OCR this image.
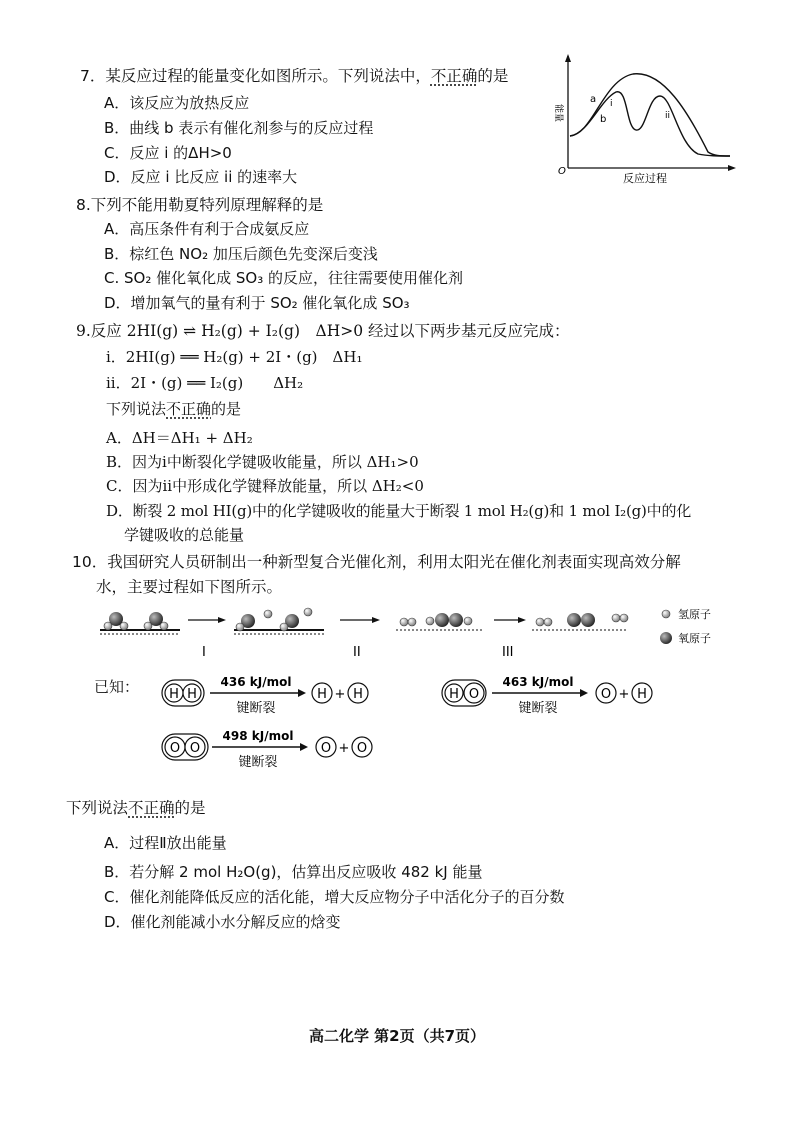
7．某反应过程的能量变化如图所示。下列说法中，不正确的是
A．该反应为放热反应
B．曲线 b 表示有催化剂参与的反应过程
C．反应 i 的ΔH>0
D．反应 i 比反应 ii 的速率大
能量
O
a
b
i
ii
反应过程
8.下列不能用勒夏特列原理解释的是
A．高压条件有利于合成氨反应
B．棕红色 NO₂ 加压后颜色先变深后变浅
C. SO₂ 催化氧化成 SO₃ 的反应，往往需要使用催化剂
D．增加氧气的量有利于 SO₂ 催化氧化成 SO₃
9.反应 2HI(g) ⇌ H₂(g) + I₂(g)　ΔH>0 经过以下两步基元反应完成：
i．2HI(g) ══ H₂(g) + 2I・(g)　ΔH₁
ii．2I・(g) ══ I₂(g)　　ΔH₂
下列说法不正确的是
A．ΔH＝ΔH₁ + ΔH₂
B．因为i中断裂化学键吸收能量，所以 ΔH₁>0
C．因为ii中形成化学键释放能量，所以 ΔH₂<0
D．断裂 2 mol HI(g)中的化学键吸收的能量大于断裂 1 mol H₂(g)和 1 mol I₂(g)中的化
学键吸收的总能量
10．我国研究人员研制出一种新型复合光催化剂，利用太阳光在催化剂表面实现高效分解
水，主要过程如下图所示。
氢原子
氧原子
I	II	III
已知： H H
436 kJ/mol
键断裂
H + H	H O
463 kJ/mol
键断裂
O + H
O O
498 kJ/mol
键断裂
O + O
下列说法不正确的是
A．过程Ⅱ放出能量
B．若分解 2 mol H₂O(g)，估算出反应吸收 482 kJ 能量
C．催化剂能降低反应的活化能，增大反应物分子中活化分子的百分数
D．催化剂能减小水分解反应的焓变
高二化学 第2页（共7页）
